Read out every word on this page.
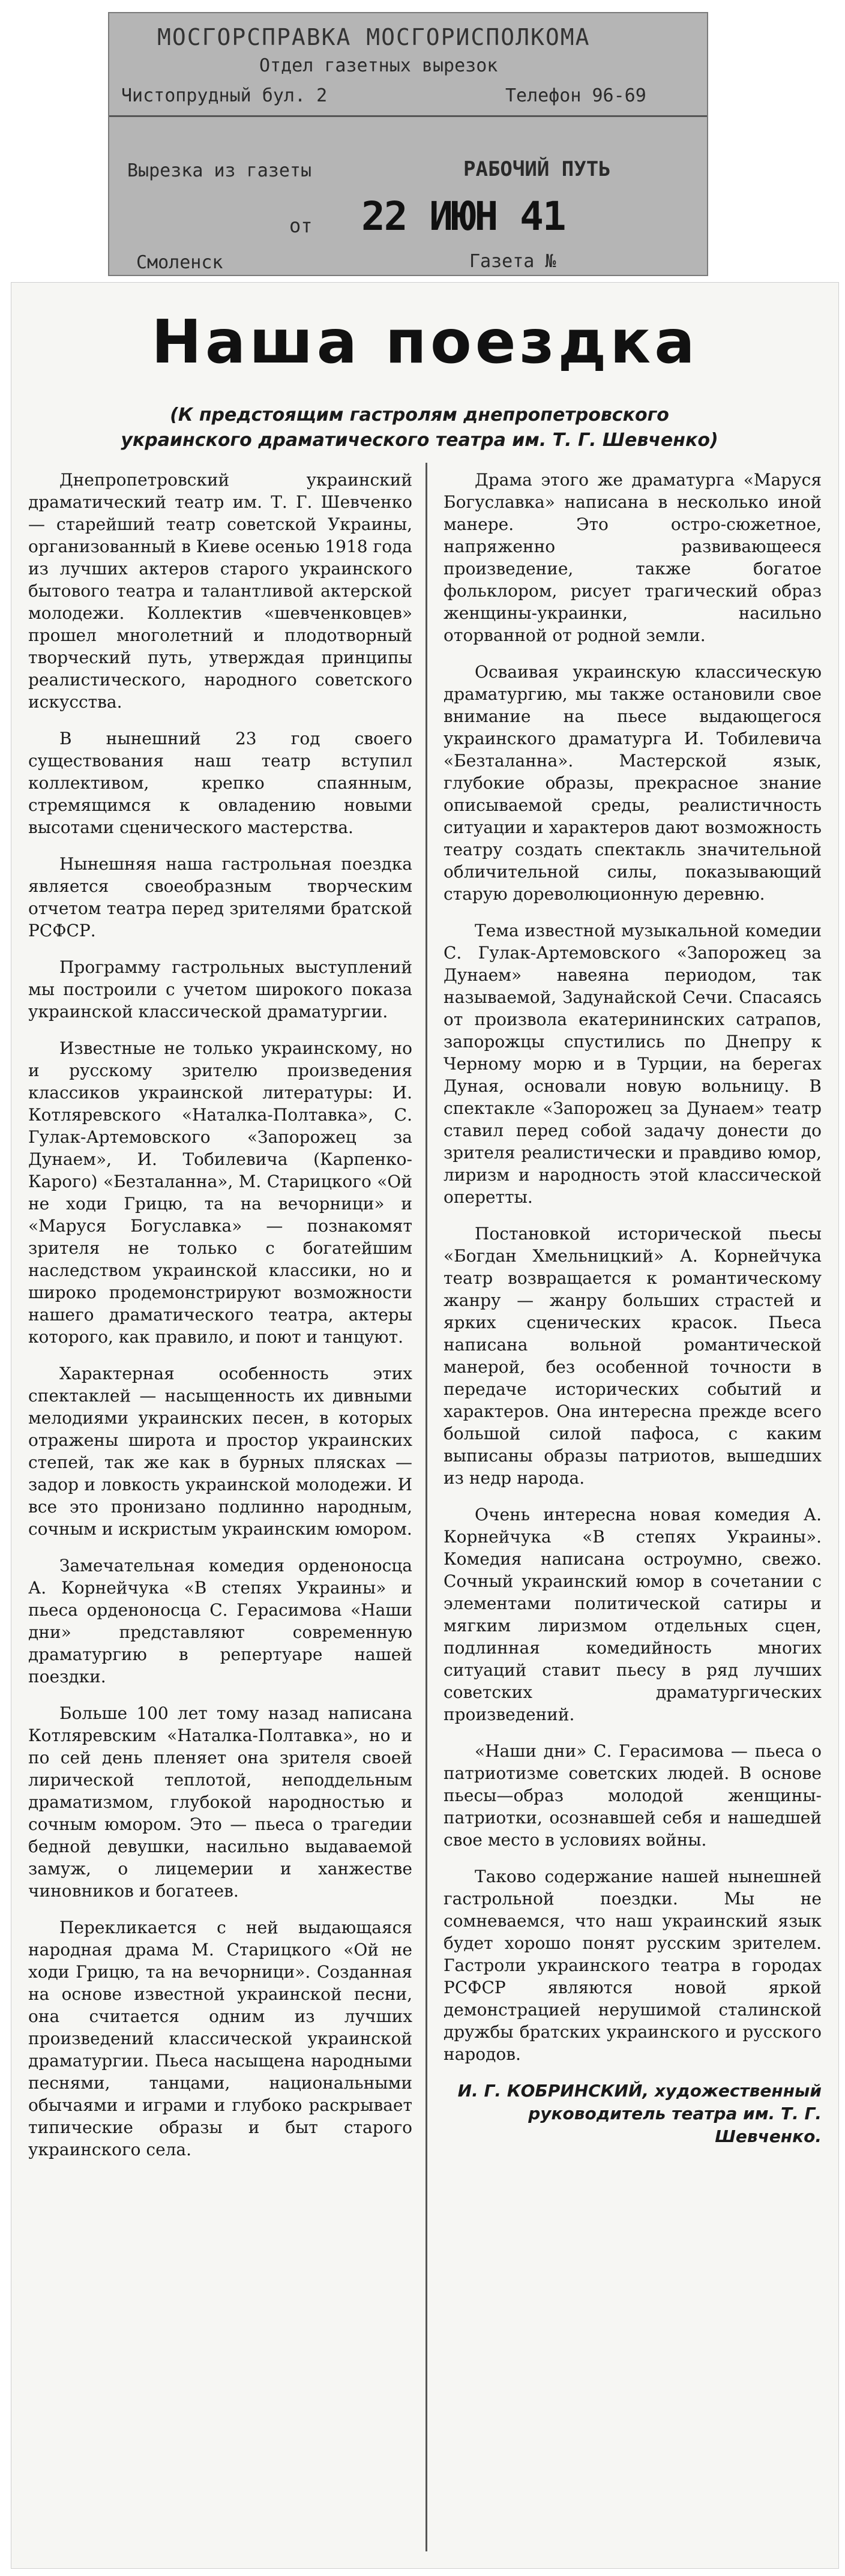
МОСГОРСПРАВКА МОСГОРИСПОЛКОМА
Отдел газетных вырезок
Чистопрудный бул. 2	Телефон 96-69
Вырезка из газеты	РАБОЧИЙ ПУТЬ
от 22 ИЮН 41
Смоленск	Газета №
Наша поездка

(К предстоящим гастролям днепропетровского украинского драматического театра им. Т. Г. Шевченко)

Днепропетровский украинский драматический театр им. Т. Г. Шевченко — старейший театр советской Украины, организованный в Киеве осенью 1918 года из лучших актеров старого украинского бытового театра и талантливой актерской молодежи. Коллектив «шевченковцев» прошел многолетний и плодотворный творческий путь, утверждая принципы реалистического, народного советского искусства.

В нынешний 23 год своего существования наш театр вступил коллективом, крепко спаянным, стремящимся к овладению новыми высотами сценического мастерства.

Нынешняя наша гастрольная поездка является своеобразным творческим отчетом театра перед зрителями братской РСФСР.

Программу гастрольных выступлений мы построили с учетом широкого показа украинской классической драматургии.

Известные не только украинскому, но и русскому зрителю произведения классиков украинской литературы: И. Котляревского «Наталка-Полтавка», С. Гулак-Артемовского «Запорожец за Дунаем», И. Тобилевича (Карпенко-Карого) «Безталанна», М. Старицкого «Ой не ходи Грицю, та на вечорници» и «Маруся Богуславка» — познакомят зрителя не только с богатейшим наследством украинской классики, но и широко продемонстрируют возможности нашего драматического театра, актеры которого, как правило, и поют и танцуют.

Характерная особенность этих спектаклей — насыщенность их дивными мелодиями украинских песен, в которых отражены широта и простор украинских степей, так же как в бурных плясках — задор и ловкость украинской молодежи. И все это пронизано подлинно народным, сочным и искристым украинским юмором.

Замечательная комедия орденоносца А. Корнейчука «В степях Украины» и пьеса орденоносца С. Герасимова «Наши дни» представляют современную драматургию в репертуаре нашей поездки.

Больше 100 лет тому назад написана Котляревским «Наталка-Полтавка», но и по сей день пленяет она зрителя своей лирической теплотой, неподдельным драматизмом, глубокой народностью и сочным юмором. Это — пьеса о трагедии бедной девушки, насильно выдаваемой замуж, о лицемерии и ханжестве чиновников и богатеев.

Перекликается с ней выдающаяся народная драма М. Старицкого «Ой не ходи Грицю, та на вечорници». Созданная на основе известной украинской песни, она считается одним из лучших произведений классической украинской драматургии. Пьеса насыщена народными песнями, танцами, национальными обычаями и играми и глубоко раскрывает типические образы и быт старого украинского села.

Драма этого же драматурга «Маруся Богуславка» написана в несколько иной манере. Это остро-сюжетное, напряженно развивающееся произведение, также богатое фольклором, рисует трагический образ женщины-украинки, насильно оторванной от родной земли.

Осваивая украинскую классическую драматургию, мы также остановили свое внимание на пьесе выдающегося украинского драматурга И. Тобилевича «Безталанна». Мастерской язык, глубокие образы, прекрасное знание описываемой среды, реалистичность ситуации и характеров дают возможность театру создать спектакль значительной обличительной силы, показывающий старую дореволюционную деревню.

Тема известной музыкальной комедии С. Гулак-Артемовского «Запорожец за Дунаем» навеяна периодом, так называемой, Задунайской Сечи. Спасаясь от произвола екатерининских сатрапов, запорожцы спустились по Днепру к Черному морю и в Турции, на берегах Дуная, основали новую вольницу. В спектакле «Запорожец за Дунаем» театр ставил перед собой задачу донести до зрителя реалистически и правдиво юмор, лиризм и народность этой классической оперетты.

Постановкой исторической пьесы «Богдан Хмельницкий» А. Корнейчука театр возвращается к романтическому жанру — жанру больших страстей и ярких сценических красок. Пьеса написана вольной романтической манерой, без особенной точности в передаче исторических событий и характеров. Она интересна прежде всего большой силой пафоса, с каким выписаны образы патриотов, вышедших из недр народа.

Очень интересна новая комедия А. Корнейчука «В степях Украины». Комедия написана остроумно, свежо. Сочный украинский юмор в сочетании с элементами политической сатиры и мягким лиризмом отдельных сцен, подлинная комедийность многих ситуаций ставит пьесу в ряд лучших советских драматургических произведений.

«Наши дни» С. Герасимова — пьеса о патриотизме советских людей. В основе пьесы—образ молодой женщины-патриотки, осознавшей себя и нашедшей свое место в условиях войны.

Таково содержание нашей нынешней гастрольной поездки. Мы не сомневаемся, что наш украинский язык будет хорошо понят русским зрителем. Гастроли украинского театра в городах РСФСР являются новой яркой демонстрацией нерушимой сталинской дружбы братских украинского и русского народов.

И. Г. КОБРИНСКИЙ, художественный руководитель театра им. Т. Г. Шевченко.
